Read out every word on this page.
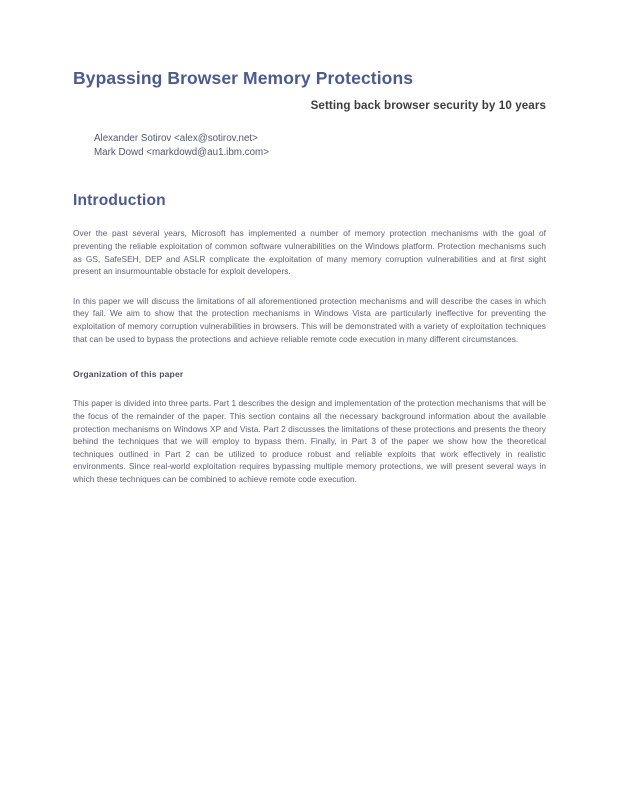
Bypassing Browser Memory Protections
Setting back browser security by 10 years
Alexander Sotirov <alex@sotirov.net>
Mark Dowd <markdowd@au1.ibm.com>
Introduction

Over the past several years, Microsoft has implemented a number of memory protection mechanisms with the goal of preventing the reliable exploitation of common software vulnerabilities on the Windows platform. Protection mechanisms such as GS, SafeSEH, DEP and ASLR complicate the exploitation of many memory corruption vulnerabilities and at first sight present an insurmountable obstacle for exploit developers.

In this paper we will discuss the limitations of all aforementioned protection mechanisms and will describe the cases in which they fail. We aim to show that the protection mechanisms in Windows Vista are particularly ineffective for preventing the exploitation of memory corruption vulnerabilities in browsers. This will be demonstrated with a variety of exploitation techniques that can be used to bypass the protections and achieve reliable remote code execution in many different circumstances.

Organization of this paper

This paper is divided into three parts. Part 1 describes the design and implementation of the protection mechanisms that will be the focus of the remainder of the paper. This section contains all the necessary background information about the available protection mechanisms on Windows XP and Vista. Part 2 discusses the limitations of these protections and presents the theory behind the techniques that we will employ to bypass them. Finally, in Part 3 of the paper we show how the theoretical techniques outlined in Part 2 can be utilized to produce robust and reliable exploits that work effectively in realistic environments. Since real-world exploitation requires bypassing multiple memory protections, we will present several ways in which these techniques can be combined to achieve remote code execution.
